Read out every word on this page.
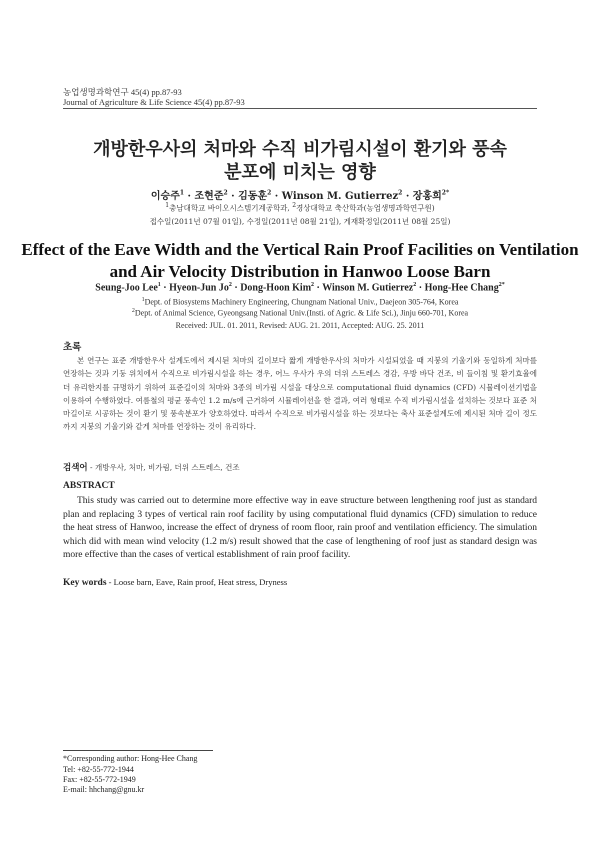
농업생명과학연구 45(4) pp.87-93
Journal of Agriculture & Life Science 45(4) pp.87-93
개방한우사의 처마와 수직 비가림시설이 환기와 풍속
분포에 미치는 영향
이승주$^1$ · 조현준$^2$ · 김동훈$^2$ · Winson M. Gutierrez$^2$ · 장홍희$^{2*}$
$^1$충남대학교 바이오시스템기계공학과, $^2$경상대학교 축산학과(농업생명과학연구원)
접수일(2011년 07월 01일), 수정일(2011년 08월 21일), 게재확정일(2011년 08월 25일)
Effect of the Eave Width and the Vertical Rain Proof Facilities on Ventilation
and Air Velocity Distribution in Hanwoo Loose Barn
Seung-Joo Lee$^1$ · Hyeon-Jun $Jo^2$ · Dong-Hoon Kim$^2$ · Winson M. Gutierrez$^2$ · Hong-Hee Chang$^{2*}$
$^1$Dept. of Biosystems Machinery Engineering, Chungnam National Univ., Daejeon 305-764, Korea
$^2$Dept. of Animal Science, Gyeongsang National Univ.(Insti. of Agric. & Life Sci.), Jinju 660-701, Korea
Received: JUL. 01. 2011, Revised: AUG. 21. 2011, Accepted: AUG. 25. 2011
초록

본 연구는 표준 개방한우사 설계도에서 제시된 처마의 길이보다 짧게 개방한우사의 처마가 시설되었을 때 지붕의 기울기와 동일하게 처마를 연장하는 것과 기둥 위치에서 수직으로 비가림시설을 하는 경우, 어느 우사가 우의 더위 스트레스 경감, 우방 바닥 건조, 비 들이침 및 환기효율에 더 유리한지를 규명하기 위하여 표준길이의 처마와 3종의 비가림 시설을 대상으로 computational fluid dynamics (CFD) 시뮬레이션기법을 이용하여 수행하였다. 여름철의 평균 풍속인 1.2 m/s에 근거하여 시뮬레이션을 한 결과, 여러 형태로 수직 비가림시설을 설치하는 것보다 표준 처마길이로 시공하는 것이 환기 및 풍속분포가 양호하였다. 따라서 수직으로 비가림시설을 하는 것보다는 축사 표준설계도에 제시된 처마 길이 정도까지 지붕의 기울기와 같게 처마를 연장하는 것이 유리하다.

검색어 - 개방우사, 처마, 비가림, 더위 스트레스, 건조
ABSTRACT

This study was carried out to determine more effective way in eave structure between lengthening roof just as standard plan and replacing 3 types of vertical rain roof facility by using computational fluid dynamics (CFD) simulation to reduce the heat stress of Hanwoo, increase the effect of dryness of room floor, rain proof and ventilation efficiency. The simulation which did with mean wind velocity (1.2 m/s) result showed that the case of lengthening of roof just as standard design was more effective than the cases of vertical establishment of rain proof facility.

Key words - Loose barn, Eave, Rain proof, Heat stress, Dryness
*Corresponding author: Hong-Hee Chang
Tel: +82-55-772-1944
Fax: +82-55-772-1949
E-mail: hhchang@gnu.kr
